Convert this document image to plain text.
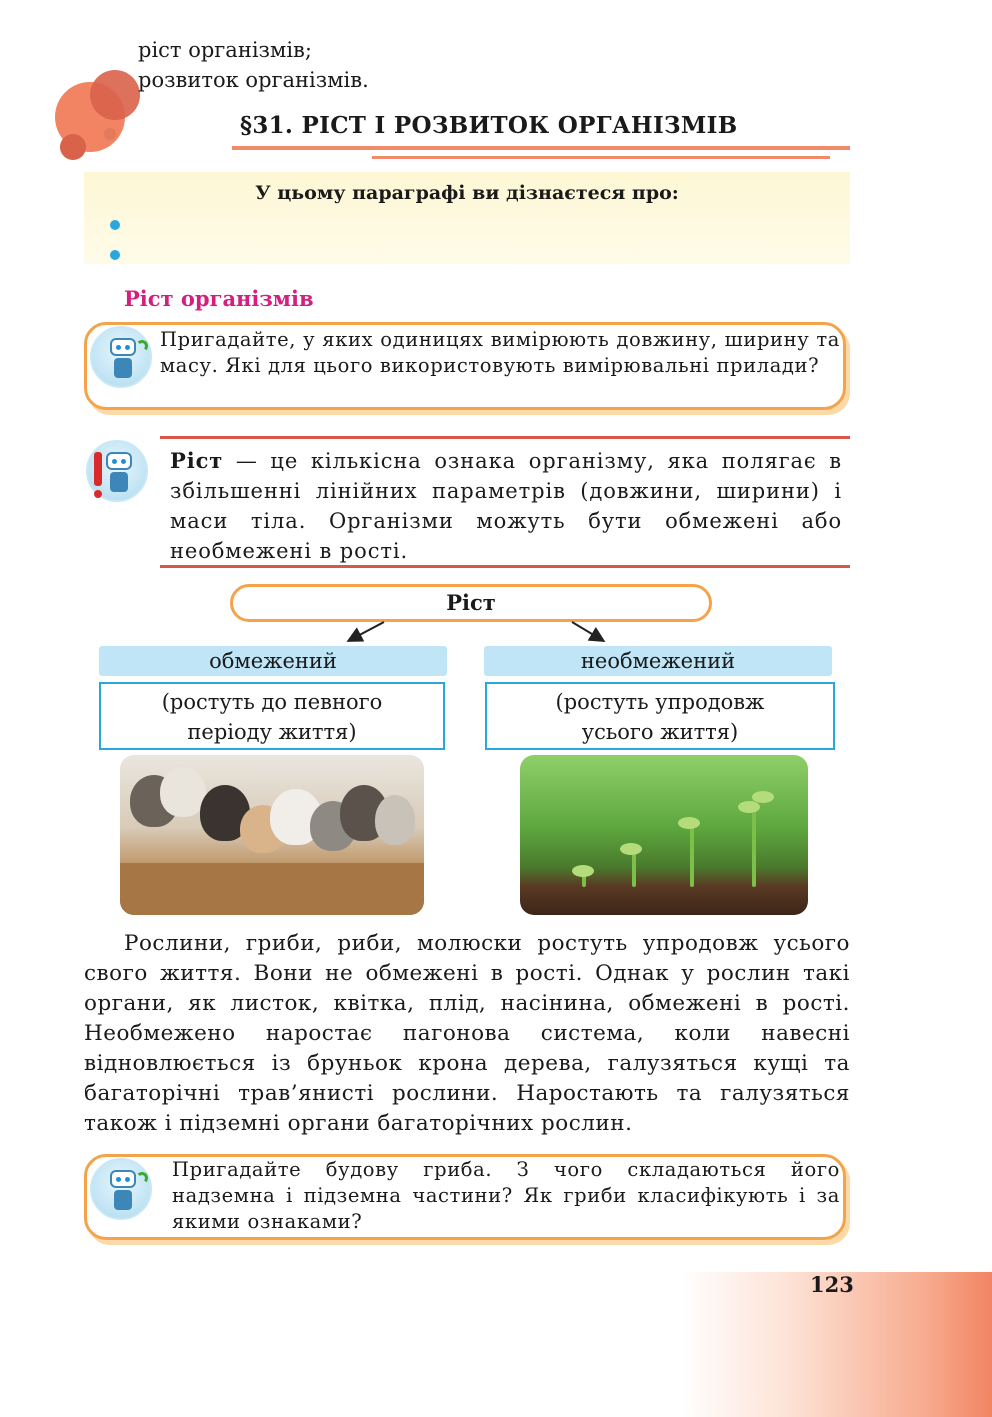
§31. РІСТ І РОЗВИТОК ОРГАНІЗМІВ
У цьому параграфі ви дізнаєтеся про:
ріст організмів;
розвиток організмів.
Ріст організмів
Пригадайте, у яких одиницях вимірюють довжину, ширину та масу. Які для цього використовують вимірювальні прилади?
Ріст — це кількісна ознака організму, яка полягає в збільшенні лінійних параметрів (довжини, ширини) і маси тіла. Організми можуть бути обмежені або необмежені в рості.
Ріст
обмежений	необмежений
(ростуть до певного
періоду життя)
(ростуть упродовж
усього життя)

Рослини, гриби, риби, молюски ростуть упродовж усього свого життя. Вони не обмежені в рості. Однак у рослин такі органи, як листок, квітка, плід, насінина, обмежені в рості. Необмежено наростає пагонова система, коли навесні відновлюється із бруньок крона дерева, галузяться кущі та багаторічні трав’янисті рослини. Наростають та галузяться також і підземні органи багаторічних рослин.

Пригадайте будову гриба. З чого складаються його надземна і підземна частини? Як гриби класифікують і за якими ознаками?
123
